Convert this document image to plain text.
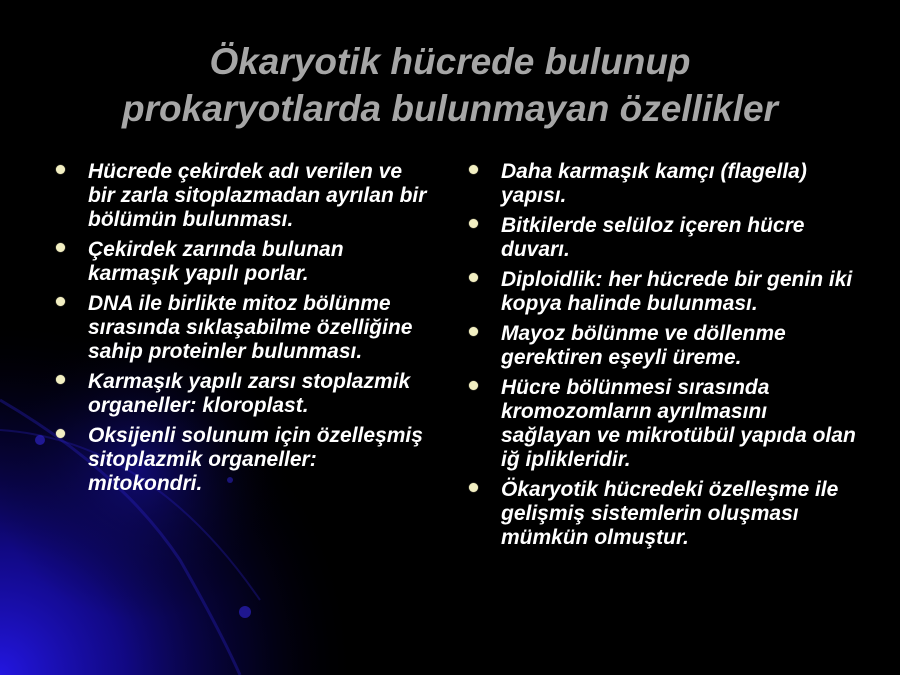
Ökaryotik hücrede bulunup
prokaryotlarda bulunmayan özellikler
Hücrede çekirdek adı verilen ve bir zarla sitoplazmadan ayrılan bir bölümün bulunması.
Çekirdek zarında bulunan karmaşık yapılı porlar.
DNA ile birlikte mitoz bölünme sırasında sıklaşabilme özelliğine sahip proteinler bulunması.
Karmaşık yapılı zarsı stoplazmik organeller: kloroplast.
Oksijenli solunum için özelleşmiş sitoplazmik organeller: mitokondri.
Daha karmaşık kamçı (flagella) yapısı.
Bitkilerde selüloz içeren hücre duvarı.
Diploidlik: her hücrede bir genin iki kopya halinde bulunması.
Mayoz bölünme ve döllenme gerektiren eşeyli üreme.
Hücre bölünmesi sırasında kromozomların ayrılmasını sağlayan ve mikrotübül yapıda olan iğ iplikleridir.
Ökaryotik hücredeki özelleşme ile gelişmiş sistemlerin oluşması mümkün olmuştur.
